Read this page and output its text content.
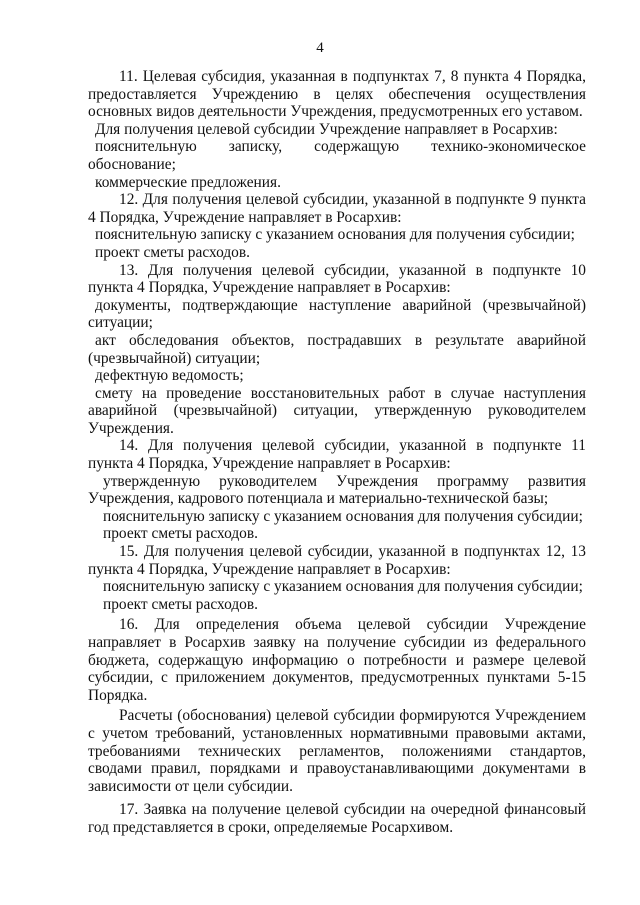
4

11. Целевая субсидия, указанная в подпунктах 7, 8 пункта 4 Порядка, предоставляется Учреждению в целях обеспечения осуществления основных видов деятельности Учреждения, предусмотренных его уставом.

Для получения целевой субсидии Учреждение направляет в Росархив:

пояснительную записку, содержащую технико-экономическое обоснование;

коммерческие предложения.

12. Для получения целевой субсидии, указанной в подпункте 9 пункта 4 Порядка, Учреждение направляет в Росархив:

пояснительную записку с указанием основания для получения субсидии;

проект сметы расходов.

13. Для получения целевой субсидии, указанной в подпункте 10 пункта 4 Порядка, Учреждение направляет в Росархив:

документы, подтверждающие наступление аварийной (чрезвычайной) ситуации;

акт обследования объектов, пострадавших в результате аварийной (чрезвычайной) ситуации;

дефектную ведомость;

смету на проведение восстановительных работ в случае наступления аварийной (чрезвычайной) ситуации, утвержденную руководителем Учреждения.

14. Для получения целевой субсидии, указанной в подпункте 11 пункта 4 Порядка, Учреждение направляет в Росархив:

утвержденную руководителем Учреждения программу развития Учреждения, кадрового потенциала и материально-технической базы;

пояснительную записку с указанием основания для получения субсидии;

проект сметы расходов.

15. Для получения целевой субсидии, указанной в подпунктах 12, 13 пункта 4 Порядка, Учреждение направляет в Росархив:

пояснительную записку с указанием основания для получения субсидии;

проект сметы расходов.

16. Для определения объема целевой субсидии Учреждение направляет в Росархив заявку на получение субсидии из федерального бюджета, содержащую информацию о потребности и размере целевой субсидии, с приложением документов, предусмотренных пунктами 5-15 Порядка.

Расчеты (обоснования) целевой субсидии формируются Учреждением с учетом требований, установленных нормативными правовыми актами, требованиями технических регламентов, положениями стандартов, сводами правил, порядками и правоустанавливающими документами в зависимости от цели субсидии.

17. Заявка на получение целевой субсидии на очередной финансовый год представляется в сроки, определяемые Росархивом.
